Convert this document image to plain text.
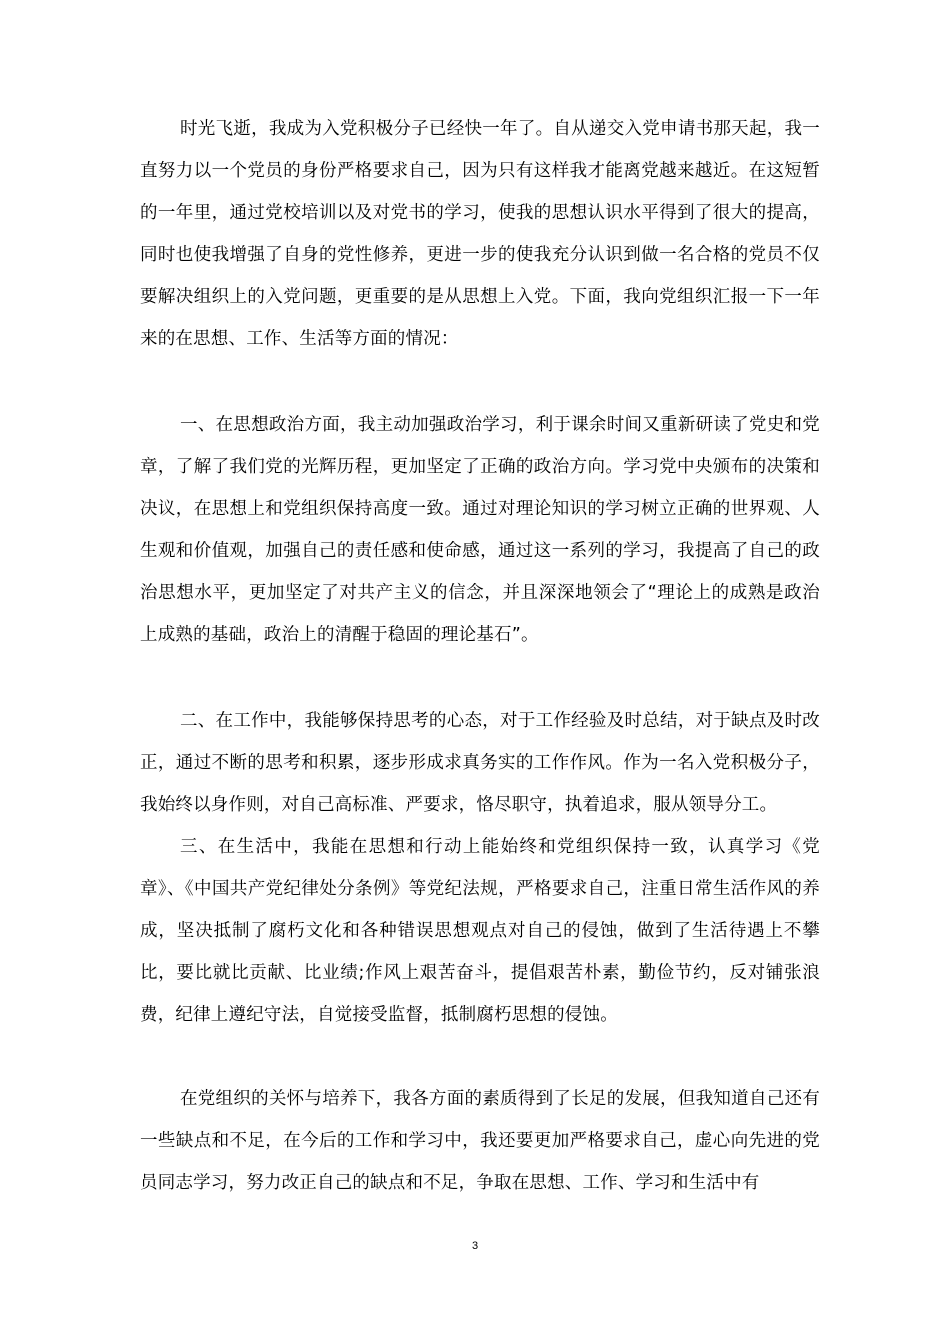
时光飞逝，我成为入党积极分子已经快一年了。自从递交入党申请书那天起，我一直努力以一个党员的身份严格要求自己，因为只有这样我才能离党越来越近。在这短暂的一年里，通过党校培训以及对党书的学习，使我的思想认识水平得到了很大的提高，同时也使我增强了自身的党性修养，更进一步的使我充分认识到做一名合格的党员不仅要解决组织上的入党问题，更重要的是从思想上入党。下面，我向党组织汇报一下一年来的在思想、工作、生活等方面的情况：

一、在思想政治方面，我主动加强政治学习，利于课余时间又重新研读了党史和党章，了解了我们党的光辉历程，更加坚定了正确的政治方向。学习党中央颁布的决策和决议，在思想上和党组织保持高度一致。通过对理论知识的学习树立正确的世界观、人生观和价值观，加强自己的责任感和使命感，通过这一系列的学习，我提高了自己的政治思想水平，更加坚定了对共产主义的信念，并且深深地领会了“理论上的成熟是政治上成熟的基础，政治上的清醒于稳固的理论基石”。

二、在工作中，我能够保持思考的心态，对于工作经验及时总结，对于缺点及时改正，通过不断的思考和积累，逐步形成求真务实的工作作风。作为一名入党积极分子，我始终以身作则，对自己高标准、严要求，恪尽职守，执着追求，服从领导分工。

三、在生活中，我能在思想和行动上能始终和党组织保持一致，认真学习《党章》、《中国共产党纪律处分条例》等党纪法规，严格要求自己，注重日常生活作风的养成，坚决抵制了腐朽文化和各种错误思想观点对自己的侵蚀，做到了生活待遇上不攀比，要比就比贡献、比业绩;作风上艰苦奋斗，提倡艰苦朴素，勤俭节约，反对铺张浪费，纪律上遵纪守法，自觉接受监督，抵制腐朽思想的侵蚀。

在党组织的关怀与培养下，我各方面的素质得到了长足的发展，但我知道自己还有一些缺点和不足，在今后的工作和学习中，我还要更加严格要求自己，虚心向先进的党员同志学习，努力改正自己的缺点和不足，争取在思想、工作、学习和生活中有

3
